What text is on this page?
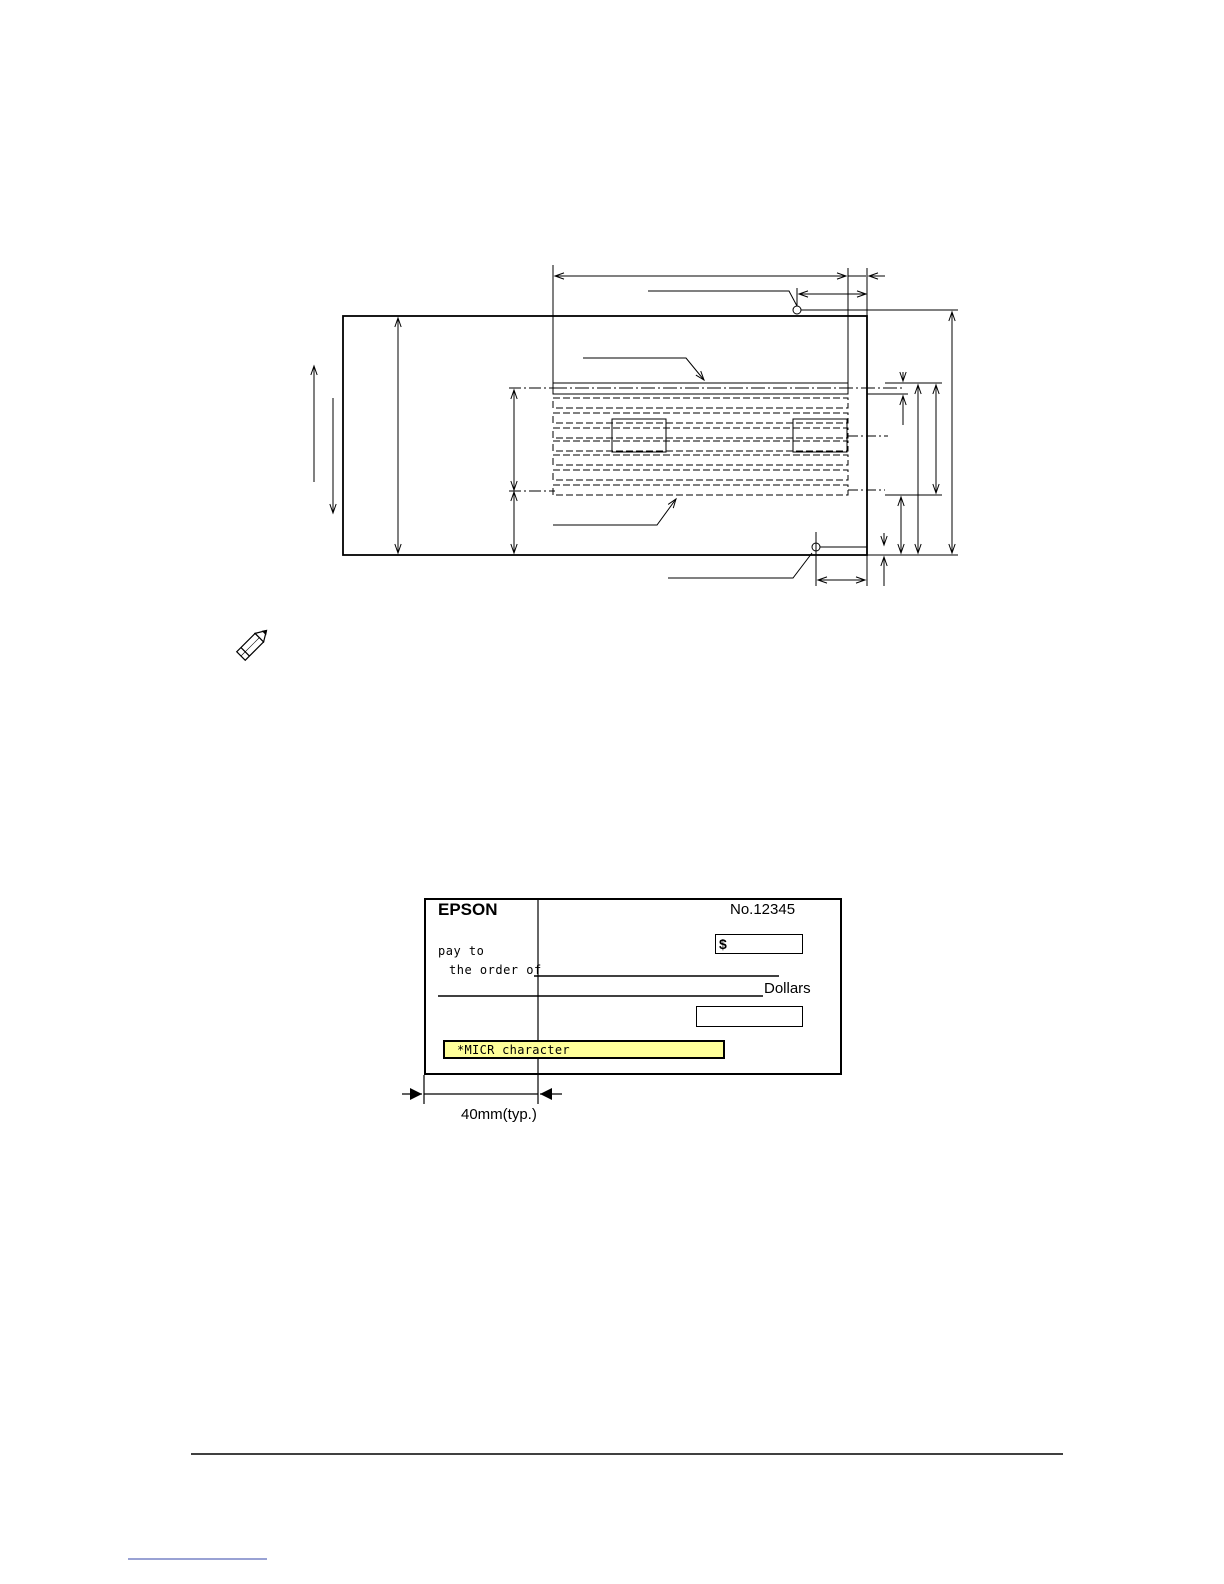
EPSON	No.12345
pay to
the order of
$
Dollars
*MICR character
40mm(typ.)
